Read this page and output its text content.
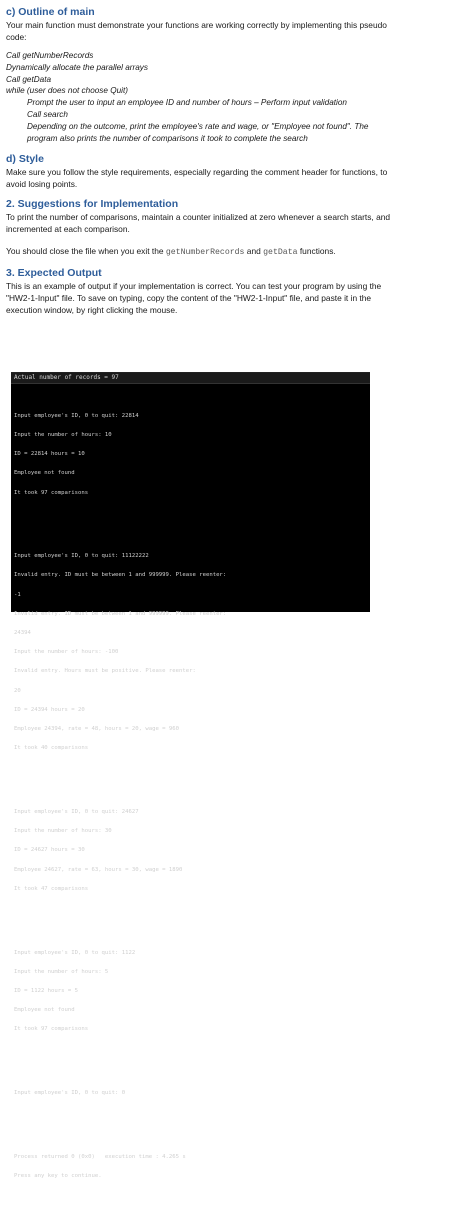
c) Outline of main

Your main function must demonstrate your functions are working correctly by implementing this pseudo

code:

Call getNumberRecords

Dynamically allocate the parallel arrays

Call getData

while (user does not choose Quit)

Prompt the user to input an employee ID and number of hours – Perform input validation

Call search

Depending on the outcome, print the employee's rate and wage, or "Employee not found". The

program also prints the number of comparisons it took to complete the search

d) Style

Make sure you follow the style requirements, especially regarding the comment header for functions, to

avoid losing points.

2. Suggestions for Implementation

To print the number of comparisons, maintain a counter initialized at zero whenever a search starts, and

incremented at each comparison.

You should close the file when you exit the getNumberRecords and getData functions.

3. Expected Output

This is an example of output if your implementation is correct. You can test your program by using the

"HW2-1-Input" file. To save on typing, copy the content of the "HW2-1-Input" file, and paste it in the

execution window, by right clicking the mouse.

Actual number of records = 97

Input employee's ID, 0 to quit: 22814

Input the number of hours: 10

ID = 22814 hours = 10

Employee not found

It took 97 comparisons

Input employee's ID, 0 to quit: 11122222

Invalid entry. ID must be between 1 and 999999. Please reenter:

-1

Invalid entry. ID must be between 1 and 999999. Please reenter:

24394

Input the number of hours: -100

Invalid entry. Hours must be positive. Please reenter:

20

ID = 24394 hours = 20

Employee 24394, rate = 48, hours = 20, wage = 960

It took 40 comparisons

Input employee's ID, 0 to quit: 24627

Input the number of hours: 30

ID = 24627 hours = 30

Employee 24627, rate = 63, hours = 30, wage = 1890

It took 47 comparisons

Input employee's ID, 0 to quit: 1122

Input the number of hours: 5

ID = 1122 hours = 5

Employee not found

It took 97 comparisons

Input employee's ID, 0 to quit: 0

Process returned 0 (0x0)   execution time : 4.265 s

Press any key to continue.
